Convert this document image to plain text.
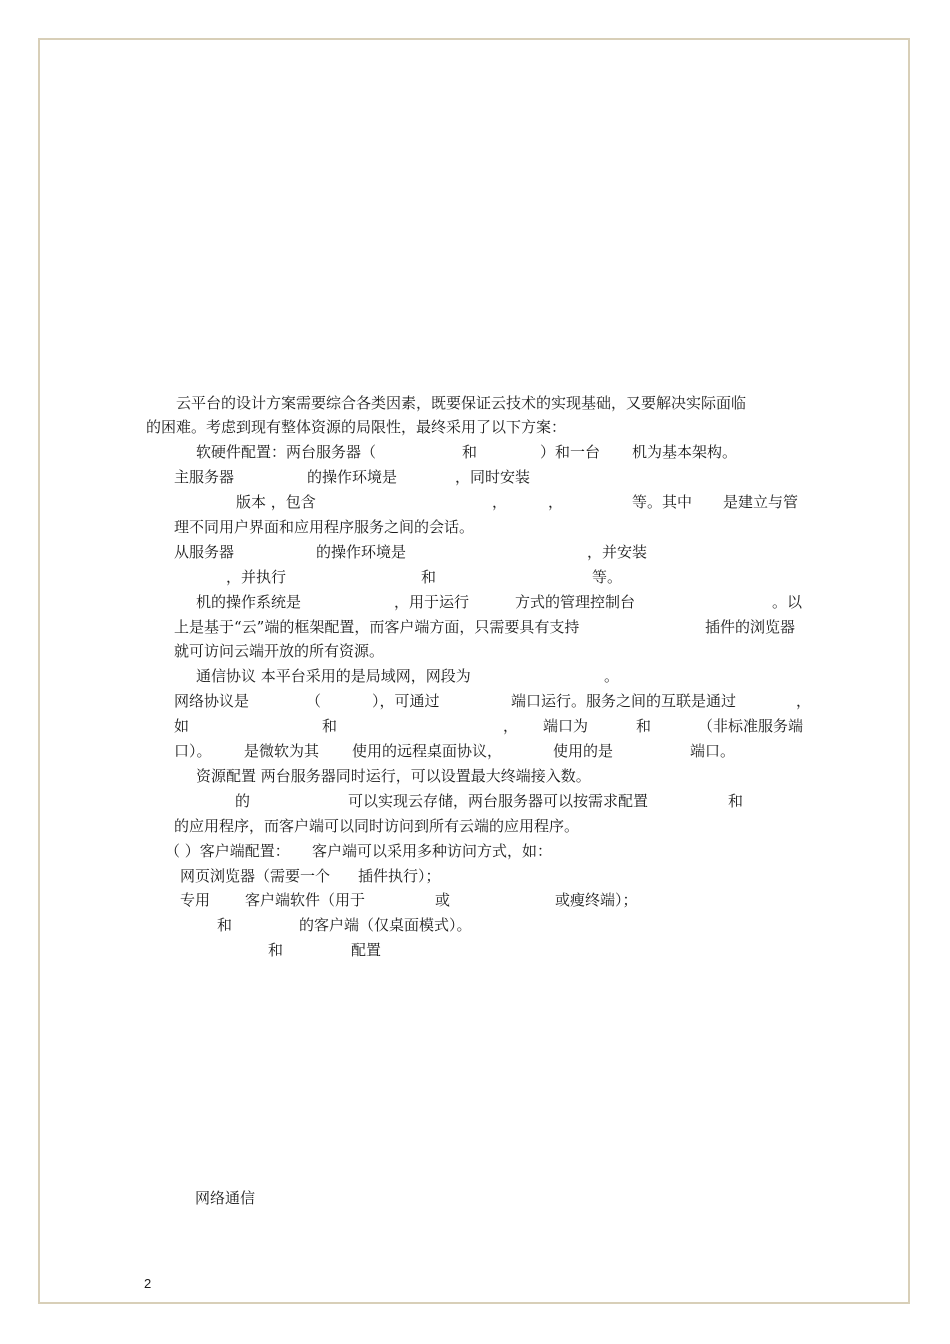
云平台的设计方案需要综合各类因素，既要保证云技术的实现基础，又要解决实际面临
的困难。考虑到现有整体资源的局限性，最终采用了以下方案：
软硬件配置：两台服务器（	和	）和一台 机为基本架构。
主服务器	的操作环境是	，同时安装
版本 ，包含	，	，	等。其中 是建立与管
理不同用户界面和应用程序服务之间的会话。
从服务器	的操作环境是	，并安装
，并执行	和	等。
机的操作系统是	，用于运行	方式的管理控制台	。以
上是基于“云”端的框架配置，而客户端方面，只需要具有支持	插件的浏览器
就可访问云端开放的所有资源。
通信协议 本平台采用的是局域网，网段为	。
网络协议是	（	），可通过	端口运行。服务之间的互联是通过	，
如	和	， 端口为	和	（非标准服务端
口）。 是微软为其 使用的远程桌面协议，	使用的是	端口。
资源配置 两台服务器同时运行，可以设置最大终端接入数。
的	可以实现云存储，两台服务器可以按需求配置	和
的应用程序，而客户端可以同时访问到所有云端的应用程序。
（ ）客户端配置： 客户端可以采用多种访问方式，如：
网页浏览器（需要一个 插件执行）；
专用 客户端软件（用于	或	或瘦终端）；
和	的客户端（仅桌面模式）。
和	配置
网络通信
2
